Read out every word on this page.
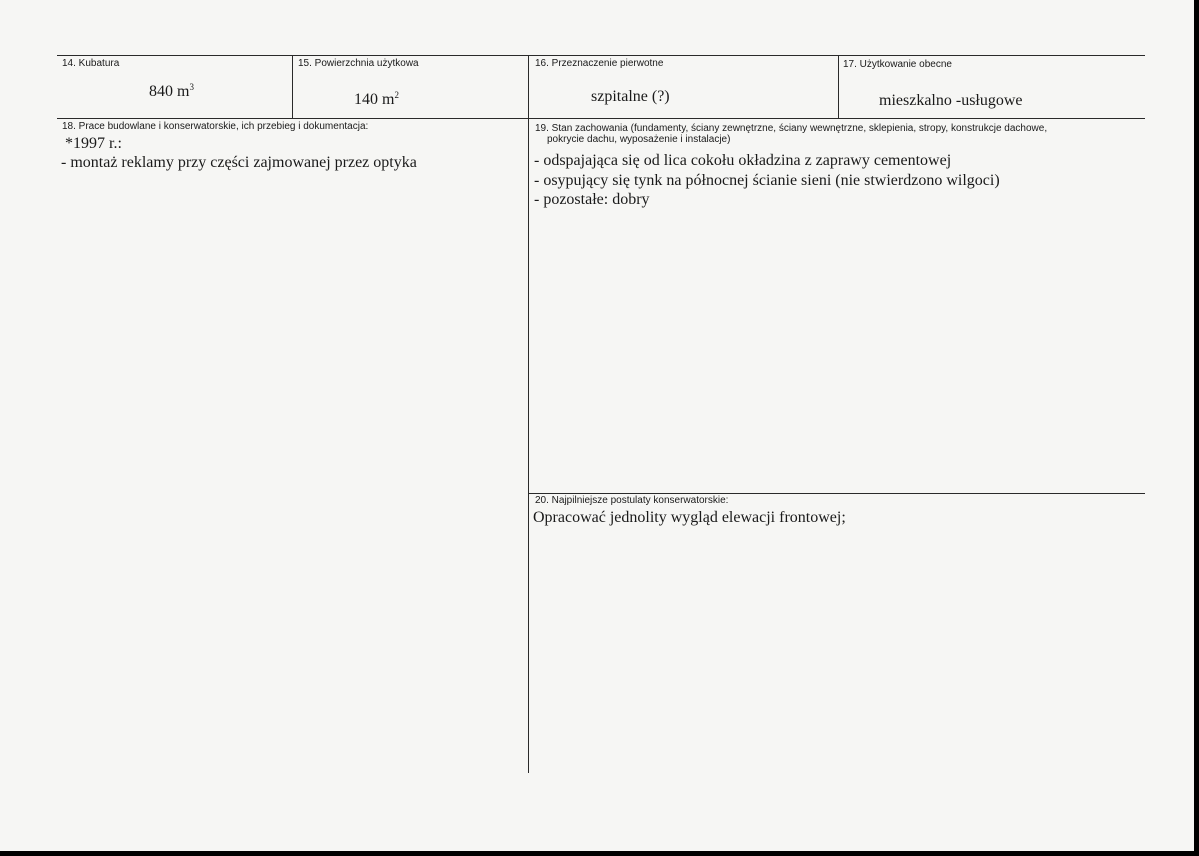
14. Kubatura
840 $m^3$
15. Powierzchnia użytkowa
140 $m^2$
16. Przeznaczenie pierwotne
szpitalne (?)
17. Użytkowanie obecne
mieszkalno -usługowe
18. Prace budowlane i konserwatorskie, ich przebieg i dokumentacja:
*1997 r.:
- montaż reklamy przy części zajmowanej przez optyka
19. Stan zachowania (fundamenty, ściany zewnętrzne, ściany wewnętrzne, sklepienia, stropy, konstrukcje dachowe,
pokrycie dachu, wyposażenie i instalacje)
- odspajająca się od lica cokołu okładzina z zaprawy cementowej
- osypujący się tynk na północnej ścianie sieni (nie stwierdzono wilgoci)
- pozostałe: dobry
20. Najpilniejsze postulaty konserwatorskie:
Opracować jednolity wygląd elewacji frontowej;
